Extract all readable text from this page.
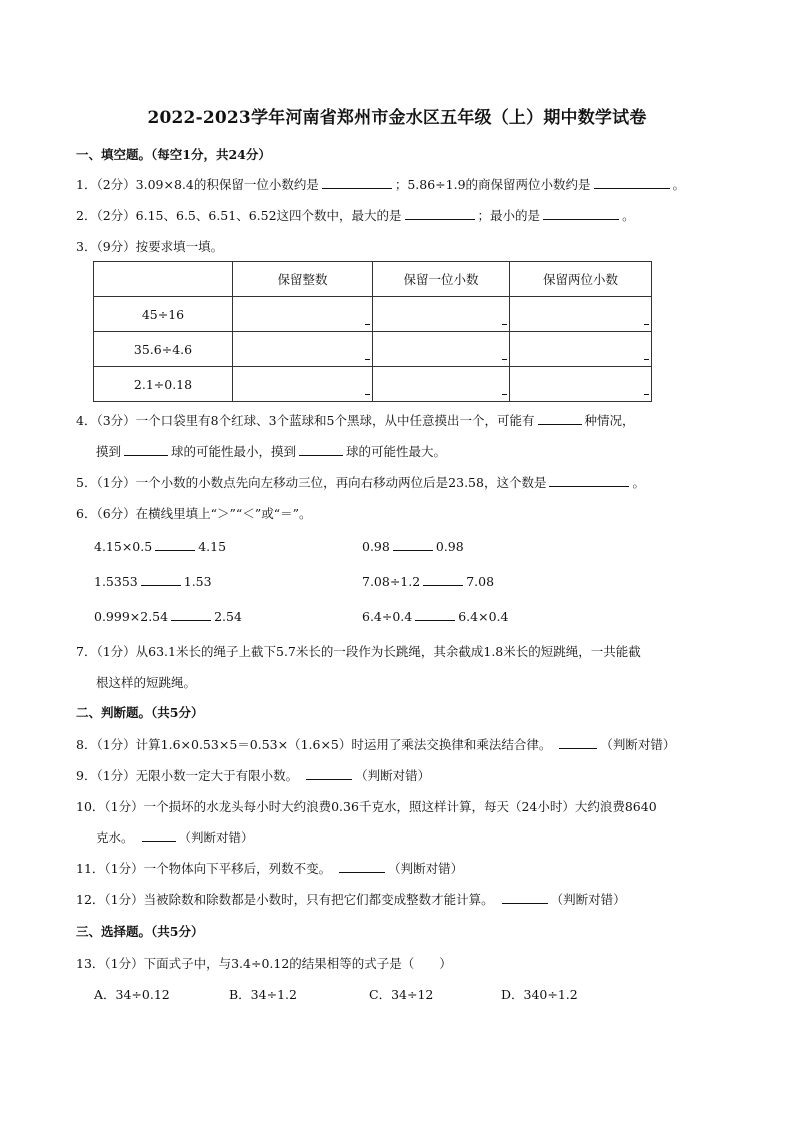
2022-2023学年河南省郑州市金水区五年级（上）期中数学试卷
一、填空题。（每空1分，共24分）
1．（2分）3.09×8.4的积保留一位小数约是	；5.86÷1.9的商保留两位小数约是	。
2．（2分）6.15、6.5、6.51、6.52这四个数中，最大的是	；最小的是	。
3．（9分）按要求填一填。
	保留整数	保留一位小数	保留两位小数
45÷16	

35.6÷4.6	

2.1÷0.18	

4．（3分）一个口袋里有8个红球、3个蓝球和5个黑球，从中任意摸出一个，可能有	种情况，
摸到	球的可能性最小，摸到	球的可能性最大。
5．（1分）一个小数的小数点先向左移动三位，再向右移动两位后是23.58，这个数是	。
6．（6分）在横线里填上“＞”“＜”或“＝”。
4.15×0.5	4.15	0.98	0.98
1.5353	1.53	7.08÷1.2	7.08
0.999×2.54	2.54	6.4÷0.4	6.4×0.4
7．（1分）从63.1米长的绳子上截下5.7米长的一段作为长跳绳，其余截成1.8米长的短跳绳，一共能截
根这样的短跳绳。
二、判断题。（共5分）
8．（1分）计算1.6×0.53×5＝0.53×（1.6×5）时运用了乘法交换律和乘法结合律。	（判断对错）
9．（1分）无限小数一定大于有限小数。	（判断对错）
10．（1分）一个损坏的水龙头每小时大约浪费0.36千克水，照这样计算，每天（24小时）大约浪费8640
克水。	（判断对错）
11．（1分）一个物体向下平移后，列数不变。	（判断对错）
12．（1分）当被除数和除数都是小数时，只有把它们都变成整数才能计算。	（判断对错）
三、选择题。（共5分）
13．（1分）下面式子中，与3.4÷0.12的结果相等的式子是（　　）
A．34÷0.12	B．34÷1.2	C．34÷12	D．340÷1.2
